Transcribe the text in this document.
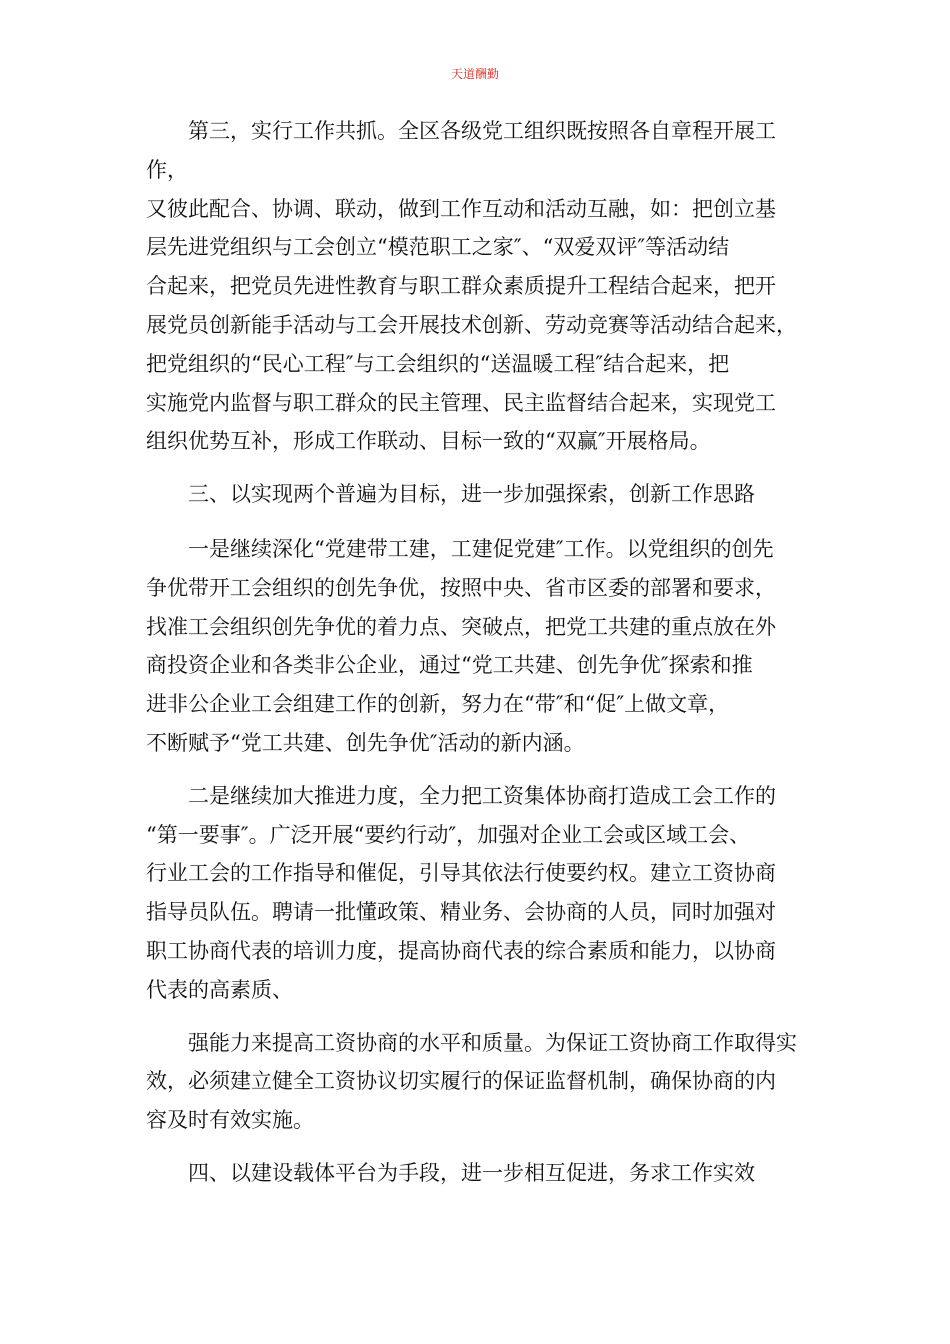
天道酬勤

　　第三，实行工作共抓。全区各级党工组织既按照各自章程开展工作，
又彼此配合、协调、联动，做到工作互动和活动互融，如：把创立基
层先进党组织与工会创立“模范职工之家″、“双爱双评″等活动结
合起来，把党员先进性教育与职工群众素质提升工程结合起来，把开
展党员创新能手活动与工会开展技术创新、劳动竞赛等活动结合起来，
把党组织的“民心工程″与工会组织的“送温暖工程″结合起来，把
实施党内监督与职工群众的民主管理、民主监督结合起来，实现党工
组织优势互补，形成工作联动、目标一致的“双赢″开展格局。

　　三、以实现两个普遍为目标，进一步加强探索，创新工作思路

　　一是继续深化“党建带工建，工建促党建″工作。以党组织的创先
争优带开工会组织的创先争优，按照中央、省市区委的部署和要求，
找准工会组织创先争优的着力点、突破点，把党工共建的重点放在外
商投资企业和各类非公企业，通过“党工共建、创先争优″探索和推
进非公企业工会组建工作的创新，努力在“带″和“促″上做文章，
不断赋予“党工共建、创先争优″活动的新内涵。

　　二是继续加大推进力度，全力把工资集体协商打造成工会工作的
“第一要事″。广泛开展“要约行动″，加强对企业工会或区域工会、
行业工会的工作指导和催促，引导其依法行使要约权。建立工资协商
指导员队伍。聘请一批懂政策、精业务、会协商的人员，同时加强对
职工协商代表的培训力度，提高协商代表的综合素质和能力，以协商
代表的高素质、

　　强能力来提高工资协商的水平和质量。为保证工资协商工作取得实
效，必须建立健全工资协议切实履行的保证监督机制，确保协商的内
容及时有效实施。

　　四、以建设载体平台为手段，进一步相互促进，务求工作实效
